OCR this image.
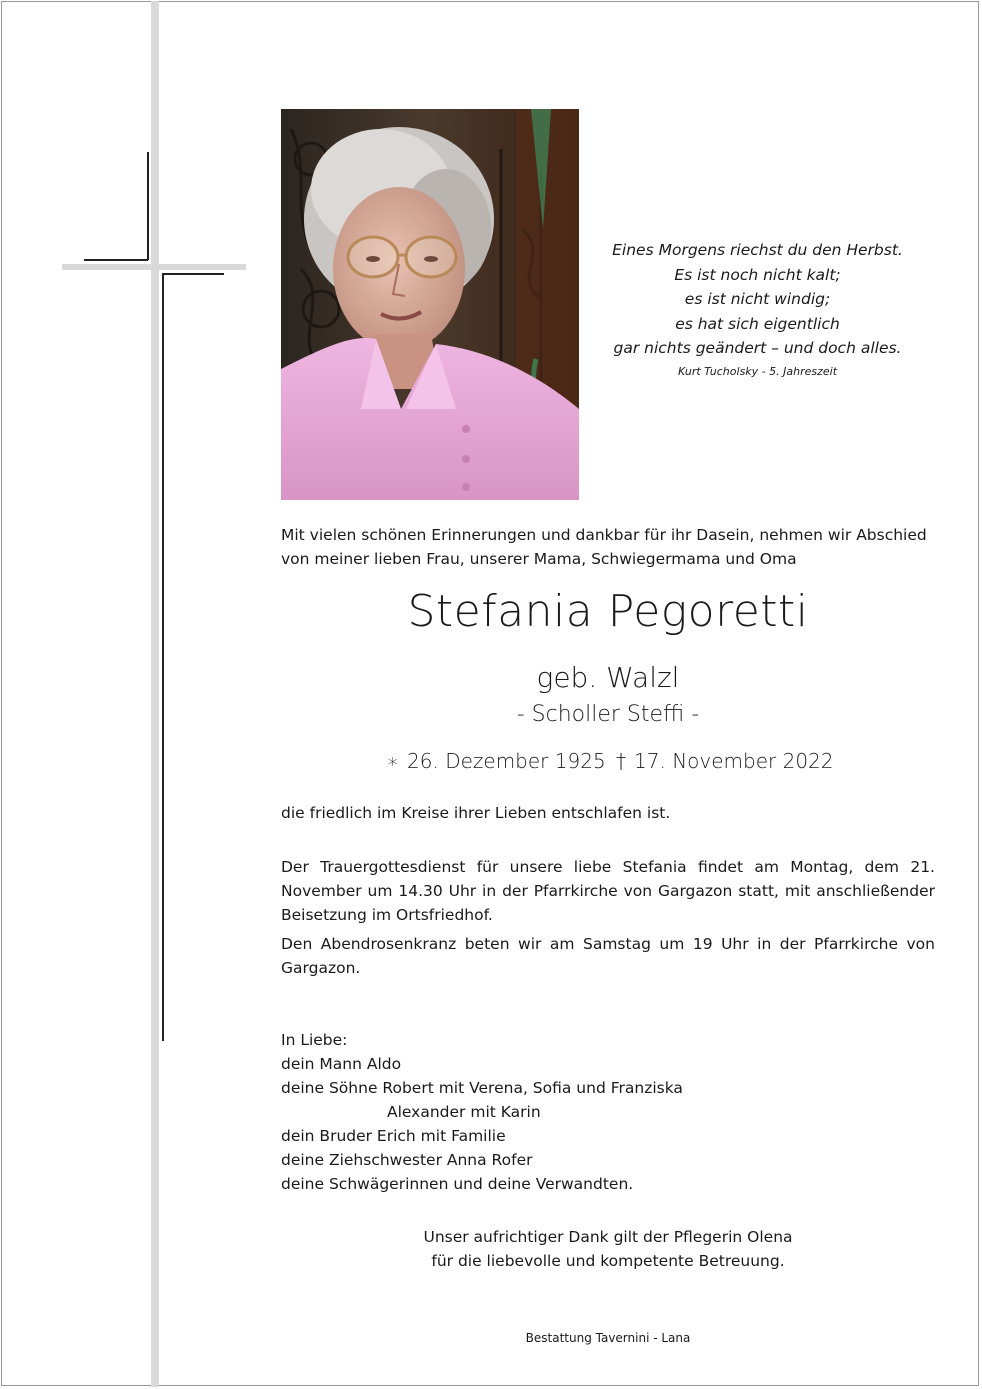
Eines Morgens riechst du den Herbst.
Es ist noch nicht kalt;
es ist nicht windig;
es hat sich eigentlich
gar nichts geändert – und doch alles.
Kurt Tucholsky - 5. Jahreszeit
Mit vielen schönen Erinnerungen und dankbar für ihr Dasein, nehmen wir Abschied
von meiner lieben Frau, unserer Mama, Schwiegermama und Oma
Stefania Pegoretti
geb. Walzl
- Scholler Steffi -
∗ 26. Dezember 1925 † 17. November 2022
die friedlich im Kreise ihrer Lieben entschlafen ist.

Der Trauergottesdienst für unsere liebe Stefania findet am Montag, dem 21. November um 14.30 Uhr in der Pfarrkirche von Gargazon statt, mit anschließender Beisetzung im Ortsfriedhof.

Den Abendrosenkranz beten wir am Samstag um 19 Uhr in der Pfarrkirche von Gargazon.

In Liebe:
dein Mann Aldo
deine Söhne Robert mit Verena, Sofia und Franziska
Alexander mit Karin
dein Bruder Erich mit Familie
deine Ziehschwester Anna Rofer
deine Schwägerinnen und deine Verwandten.
Unser aufrichtiger Dank gilt der Pflegerin Olena
für die liebevolle und kompetente Betreuung.
Bestattung Tavernini - Lana
